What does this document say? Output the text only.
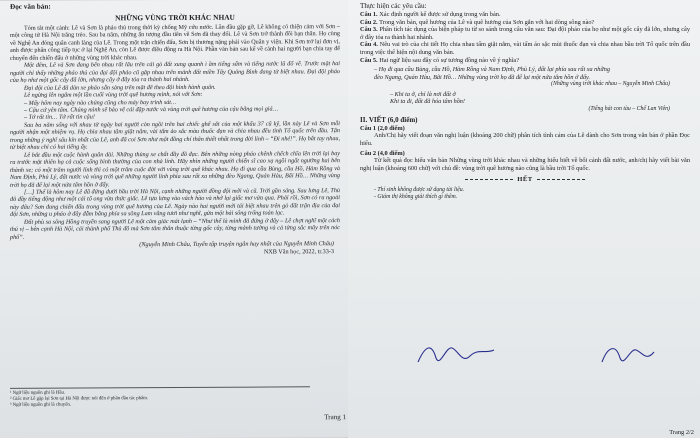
Đọc văn bản:
NHỮNG VÙNG TRỜI KHÁC NHAU

Tóm tắt một cảnh: Lê và Sơn là pháo thủ trong thời kỳ chống Mỹ cứu nước. Lần đầu gặp gỡ, Lê không có thiện cảm với Sơn – một công tử Hà Nội trắng trẻo. Sau ba năm, những ấn tượng đầu tiên về Sơn đã thay đổi. Lê và Sơn trở thành đôi bạn thân. Họ cùng về Nghệ An đóng quân canh làng của Lê. Trong một trận chiến đấu, Sơn bị thương nặng phải vào Quân y viện. Khi Sơn trở lại đơn vị, anh được phân công tiếp tục ở lại Nghệ An, còn Lê được điều động ra Hà Nội. Phần văn bản sau kể về cảnh hai người bạn chia tay để chuyển đến chiến đấu ở những vùng trời khác nhau.

Một đêm, Lê và Sơn đang bên nhau rất lâu trên cái gò đất xung quanh ì ầm tiếng sấm và tiếng nước lũ đổ về. Trước mặt hai người chỉ thấy những pháo thủ của đại đội pháo cũ gặp nhau trên mảnh đất miền Tây Quảng Bình đang từ biệt nhau. Đại đội pháo của họ như một gốc cây đã lớn, nhưng cây ở đây tỏa ra thành hai nhánh.

Đại đội của Lê đã dàn xe pháo sẵn sàng trên mặt đê theo đội hình hành quân.

Lê ngừng lên ngắm một lần cuối vùng trời quê hương mình, nói với Sơn:

– Mấy hôm nay ngày nào chúng cũng cho máy bay trinh sát…

– Cậu cứ yên tâm. Chúng mình sẽ bảo vệ cái đập nước và vùng trời quê hương của cậu bằng mọi giá…

– Tớ rất tin… Tớ rất tin cậu!

Sau ba năm sống với nhau từ ngày hai người còn ngồi trên hai chiếc ghế sắt của một khẩu 37 cũ kỹ, lần này Lê và Sơn mỗi người nhận một nhiệm vụ. Họ chia nhau tâm giặt nắm, vài tấm ảo sắc màu thuốc đạn và chia nhau đều tình Tổ quốc trên đầu. Tận trong những ý nghĩ sâu kín nhất của Lê, anh đã coi Sơn như một đồng chí thân thiết nhất trong đời lính – “Đi nhé!”. Họ bắt tay nhau, từ biệt nhau chỉ có hai tiếng ấy.

Lê bắt đầu một cuộc hành quân dài. Những thùng xe chất đầy đồ đạc. Bên những nòng pháo chênh chếch chĩa lên trời lại bay ra trước mặt thiên hạ cả cuộc sống bình thường của con nhà lính. Hãy nhìn những người chiến sĩ cao xạ ngồi ngất ngưởng hai bên thành xe; có một trăm người lính thì có một trăm cuộc đời với vùng trời quê khác nhau. Họ đi qua cầu Bùng, cầu Hồ, Hàm Rồng và Nam Định, Phủ Lý, đất nước và vùng trời quê những người lính phía sau rất xa những đèo Ngang, Quán Hàu, Bãi Hồ… Những vùng trời họ đã để lại một nửa tâm hồn ở đấy.

[…] Thế là hôm nay Lê đã đứng dưới bầu trời Hà Nội, cạnh những người đồng đội mới và cũ. Trời gần sáng. Sau lưng Lê, Thủ đô đầy tiếng động như một cái tổ ong vừa thức giấc. Lê tựa lưng vào vách hào và nhớ lại giấc mơ vừa qua. Phải rồi, Sơn có ra ngoài này đâu? Sơn đang chiến đấu trong vùng trời quê hương của Lê. Ngày nào hai người mới tái biệt nhau trên gò đất trận địa của đại đội Sơn, những u pháo ở đây đẫm bằng phía sa sông Lam vằng tươi như nghĩ, gửa một bài sông trống toàn lạc.

Đất phù sa sông Hồng truyền sang người Lê một cảm giác mát lạnh – “Như thế là mình đã đứng ở đây – Lê chợt nghĩ một cách thú vị – bên cạnh Hà Nội, cái thành phố Thủ đô mà Sơn tâm thân thuộc từng gốc cây, từng mảnh tường và cả từng sắc mây trên nóc phố”.

(Nguyễn Minh Châu, Tuyển tập truyện ngắn hay nhất của Nguyễn Minh Châu)
NXB Văn học, 2022, tr.33-3
¹ Ngữ liệu nguồn ghi là Hầu.
² Giấc mơ Lê gặp lại Sơn tại Hà Nội được nói đến ở phần đầu tác phẩm.
³ Ngữ liệu nguồn ghi là chuyển.
Trang 1
Thực hiện các yêu cầu:

Câu 1. Xác định người kể được sử dụng trong văn bản.

Câu 2. Trong văn bản, quê hương của Lê và quê hương của Sơn gắn với hai dòng sông nào?

Câu 3. Phân tích tác dụng của biện pháp tu từ so sánh trong câu văn sau: Đại đội pháo của họ như một gốc cây đã lớn, nhưng cây ở đây tỏa ra thành hai nhánh.

Câu 4. Nêu vai trò của chi tiết Họ chia nhau tấm giặt nắm, vài tấm áo sặc mùi thuốc đạn và chia nhau bầu trời Tổ quốc trên đầu trong việc thể hiện nội dung văn bản.

Câu 5. Hai ngữ liệu sau đây có sự tương đồng nào về ý nghĩa?

– Họ đi qua cầu Bùng, cầu Hồ, Hàm Rồng và Nam Định, Phủ Lý, đất lại phía sau rất xa những
đèo Ngang, Quán Hàu, Bãi Hồ… Những vùng trời họ đã để lại một nửa tâm hồn ở đấy.
(Những vùng trời khác nhau – Nguyễn Minh Châu)
– Khi ta ở, chỉ là nơi đất ở
Khi ta đi, đất đã hóa tâm hồn!
(Tiếng hát con tàu – Chế Lan Viên)
II. VIẾT (6,0 điểm)

Câu 1 (2,0 điểm)

Anh/Chị hãy viết đoạn văn nghị luận (khoảng 200 chữ) phân tích tình cảm của Lê dành cho Sơn trong văn bản ở phần Đọc hiểu.

Câu 2 (4,0 điểm)

Từ kết quả đọc hiểu văn bản Những vùng trời khác nhau và những hiểu biết về bối cảnh đất nước, anh/chị hãy viết bài văn nghị luận (khoảng 600 chữ) với chủ đề: vùng trời quê hương nào cũng là bầu trời Tổ quốc.

HẾT
- Thí sinh không được sử dụng tài liệu.
- Giám thị không giải thích gì thêm.
Trang 2/2
